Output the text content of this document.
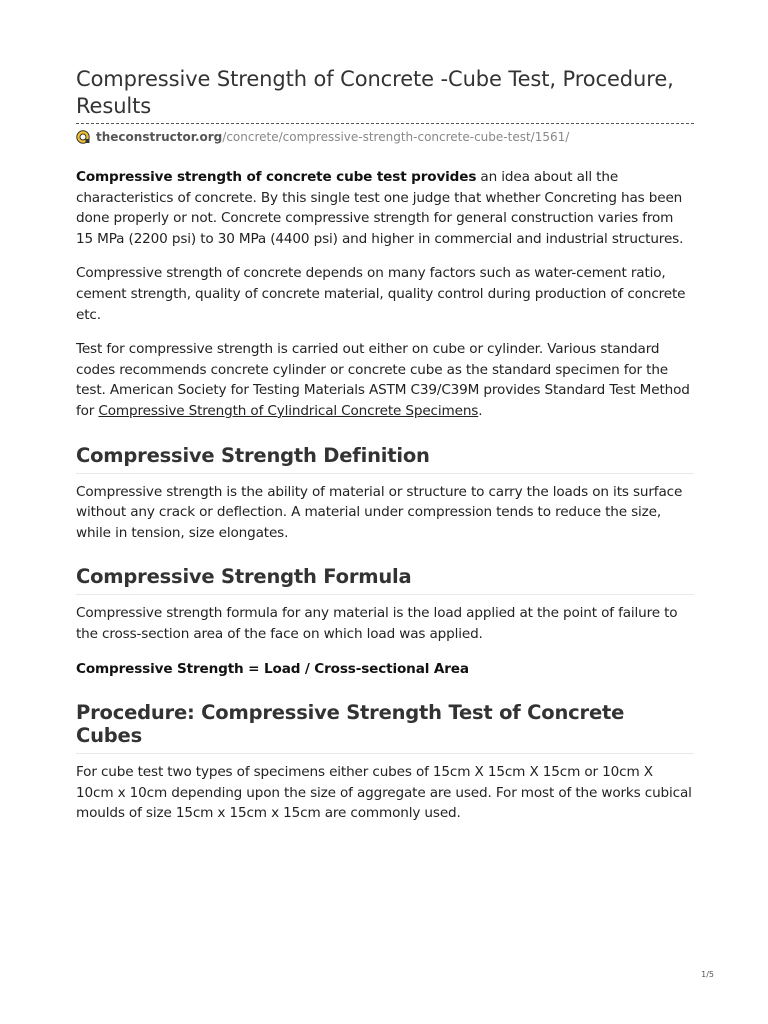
Compressive Strength of Concrete -Cube Test, Procedure, Results
theconstructor.org/concrete/compressive-strength-concrete-cube-test/1561/

Compressive strength of concrete cube test provides an idea about all the characteristics of concrete. By this single test one judge that whether Concreting has been done properly or not. Concrete compressive strength for general construction varies from 15 MPa (2200 psi) to 30 MPa (4400 psi) and higher in commercial and industrial structures.

Compressive strength of concrete depends on many factors such as water-cement ratio, cement strength, quality of concrete material, quality control during production of concrete etc.

Test for compressive strength is carried out either on cube or cylinder. Various standard codes recommends concrete cylinder or concrete cube as the standard specimen for the test. American Society for Testing Materials ASTM C39/C39M provides Standard Test Method for Compressive Strength of Cylindrical Concrete Specimens.

Compressive Strength Definition

Compressive strength is the ability of material or structure to carry the loads on its surface without any crack or deflection. A material under compression tends to reduce the size, while in tension, size elongates.

Compressive Strength Formula

Compressive strength formula for any material is the load applied at the point of failure to the cross-section area of the face on which load was applied.

Compressive Strength = Load / Cross-sectional Area

Procedure: Compressive Strength Test of Concrete Cubes

For cube test two types of specimens either cubes of 15cm X 15cm X 15cm or 10cm X 10cm x 10cm depending upon the size of aggregate are used. For most of the works cubical moulds of size 15cm x 15cm x 15cm are commonly used.

1/5
